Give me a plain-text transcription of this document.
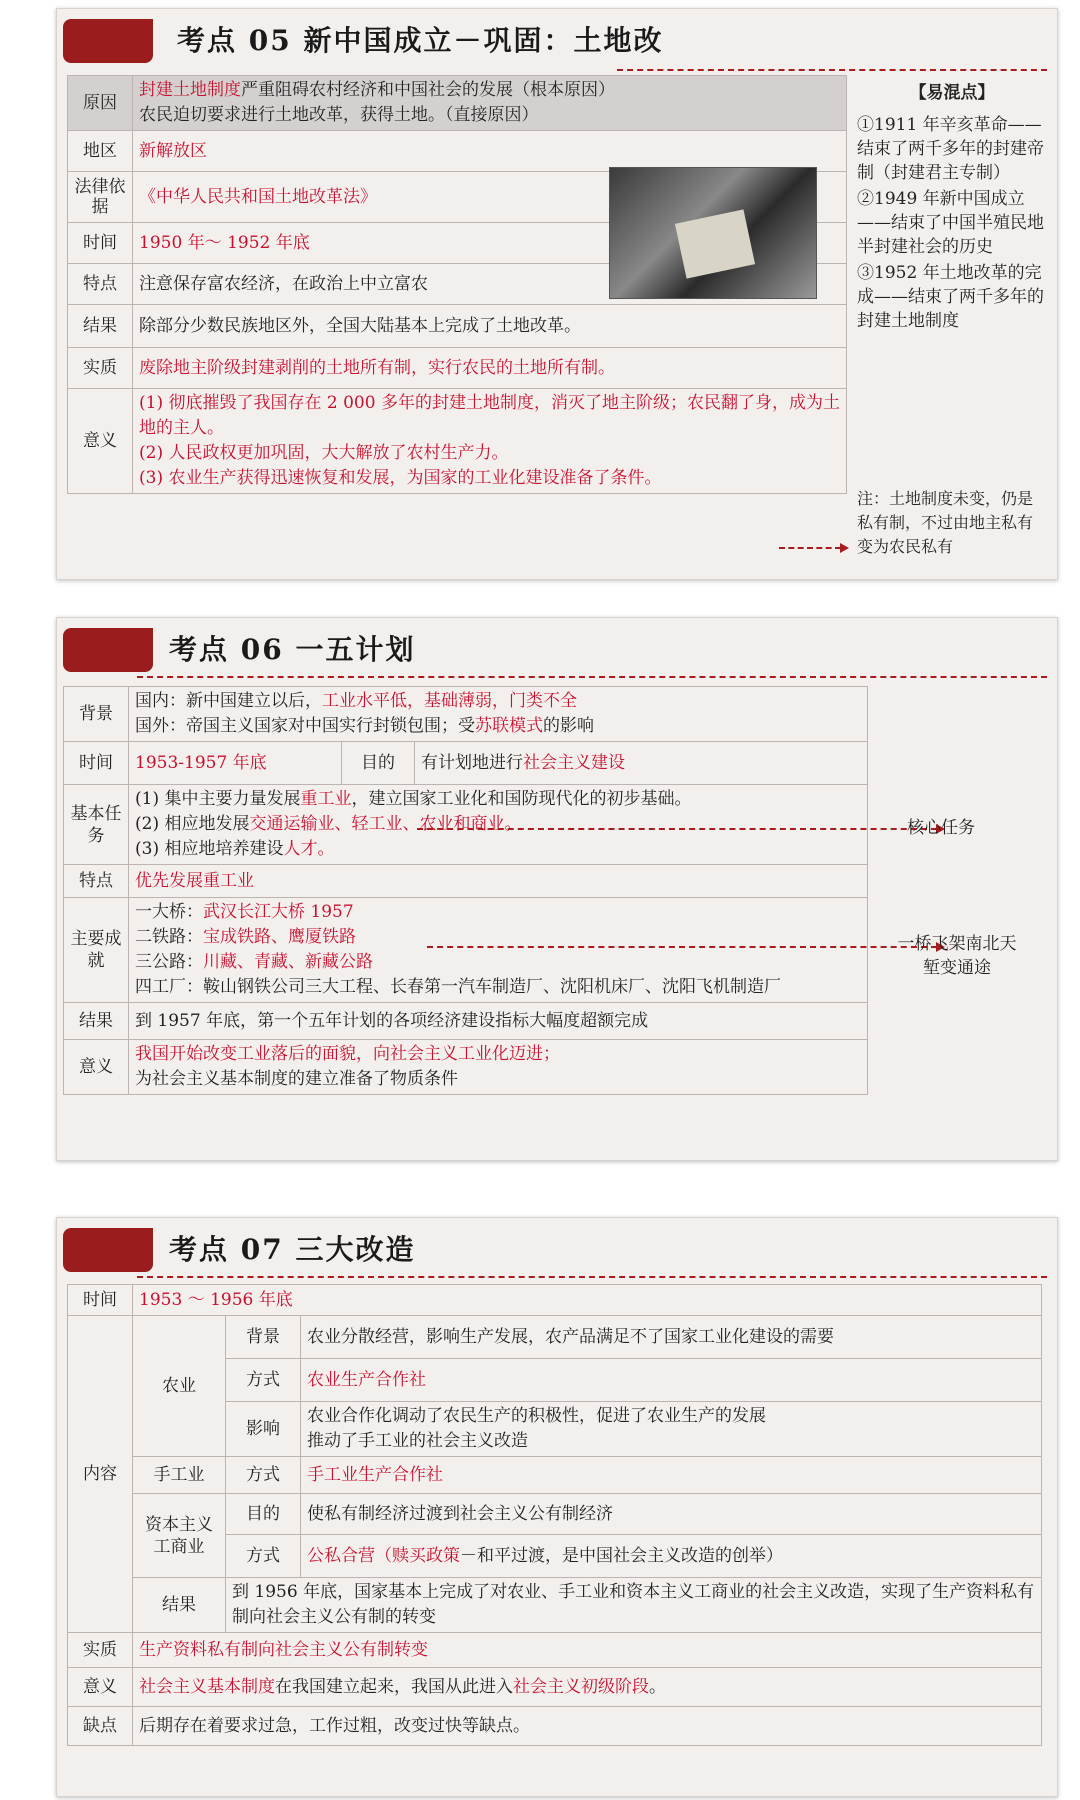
考点 05 新中国成立－巩固：土地改
原因	封建土地制度严重阻碍农村经济和中国社会的发展（根本原因）
农民迫切要求进行土地改革，获得土地。（直接原因）
地区	新解放区
法律依据	《中华人民共和国土地改革法》
时间	1950 年～ 1952 年底
特点	注意保存富农经济，在政治上中立富农
结果	除部分少数民族地区外，全国大陆基本上完成了土地改革。
实质	废除地主阶级封建剥削的土地所有制，实行农民的土地所有制。
意义	(1) 彻底摧毁了我国存在 2 000 多年的封建土地制度，消灭了地主阶级；农民翻了身，成为土地的主人。
(2) 人民政权更加巩固，大大解放了农村生产力。
(3) 农业生产获得迅速恢复和发展，为国家的工业化建设准备了条件。
【易混点】
①1911 年辛亥革命——结束了两千多年的封建帝制（封建君主专制）
②1949 年新中国成立 ——结束了中国半殖民地半封建社会的历史
③1952 年土地改革的完成——结束了两千多年的封建土地制度
注：土地制度未变，仍是私有制，不过由地主私有变为农民私有
考点 06 一五计划
背景	国内：新中国建立以后，工业水平低，基础薄弱，门类不全
国外：帝国主义国家对中国实行封锁包围；受苏联模式的影响		
时间	1953-1957 年底	目的	有计划地进行社会主义建设
基本任务	(1) 集中主要力量发展重工业，建立国家工业化和国防现代化的初步基础。
(2) 相应地发展交通运输业、轻工业、农业和商业。
(3) 相应地培养建设人才。		

特点	优先发展重工业		
主要成就	一大桥：武汉长江大桥 1957
二铁路：宝成铁路、鹰厦铁路
三公路：川藏、青藏、新藏公路
四工厂：鞍山钢铁公司三大工程、长春第一汽车制造厂、沈阳机床厂、沈阳飞机制造厂		

结果	到 1957 年底，第一个五年计划的各项经济建设指标大幅度超额完成		
意义	我国开始改变工业落后的面貌，向社会主义工业化迈进；
为社会主义基本制度的建立准备了物质条件		
核心任务
一桥飞架南北天堑变通途
考点 07 三大改造
时间	1953 ～ 1956 年底		
内容	农业	背景	农业分散经营，影响生产发展，农产品满足不了国家工业化建设的需要
		方式	农业生产合作社
		影响	农业合作化调动了农民生产的积极性，促进了农业生产的发展
推动了手工业的社会主义改造

	手工业	方式	手工业生产合作社
	资本主义工商业	目的	使私有制经济过渡到社会主义公有制经济
		方式	公私合营（赎买政策－和平过渡，是中国社会主义改造的创举）
	结果	到 1956 年底，国家基本上完成了对农业、手工业和资本主义工商业的社会主义改造，实现了生产资料私有制向社会主义公有制的转变	
实质	生产资料私有制向社会主义公有制转变		
意义	社会主义基本制度在我国建立起来，我国从此进入社会主义初级阶段。		
缺点	后期存在着要求过急，工作过粗，改变过快等缺点。		
